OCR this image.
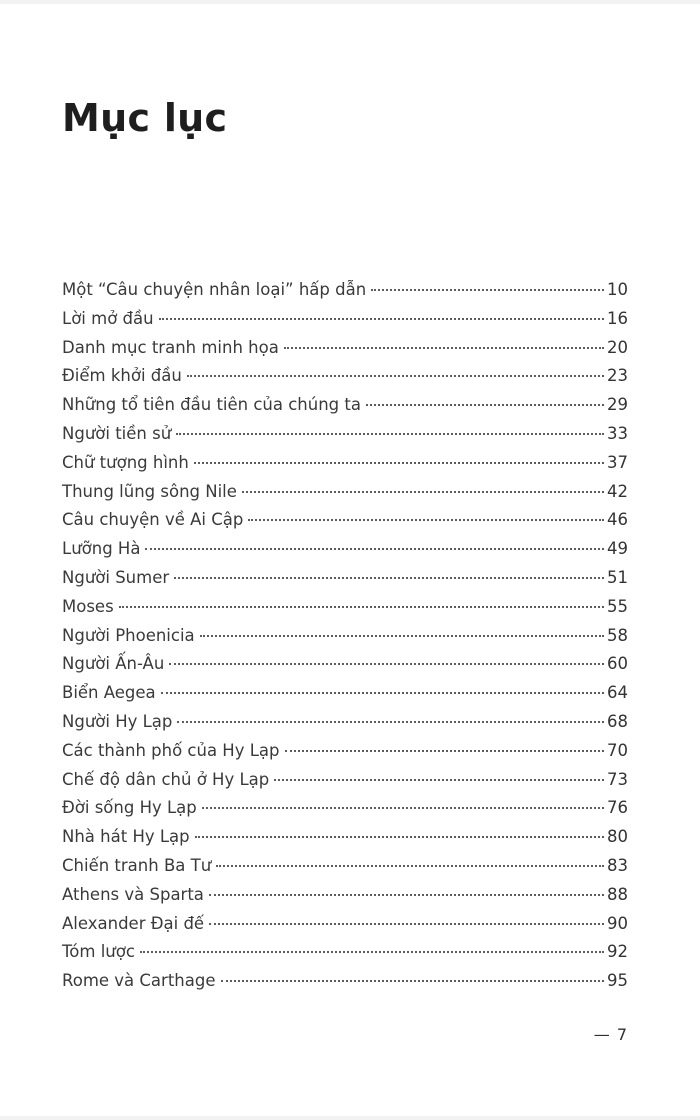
Mục lục
Một “Câu chuyện nhân loại” hấp dẫn	10
Lời mở đầu	16
Danh mục tranh minh họa	20
Điểm khởi đầu	23
Những tổ tiên đầu tiên của chúng ta	29
Người tiền sử	33
Chữ tượng hình	37
Thung lũng sông Nile	42
Câu chuyện về Ai Cập	46
Lưỡng Hà	49
Người Sumer	51
Moses	55
Người Phoenicia	58
Người Ấn-Âu	60
Biển Aegea	64
Người Hy Lạp	68
Các thành phố của Hy Lạp	70
Chế độ dân chủ ở Hy Lạp	73
Đời sống Hy Lạp	76
Nhà hát Hy Lạp	80
Chiến tranh Ba Tư	83
Athens và Sparta	88
Alexander Đại đế	90
Tóm lược	92
Rome và Carthage	95
— 7
